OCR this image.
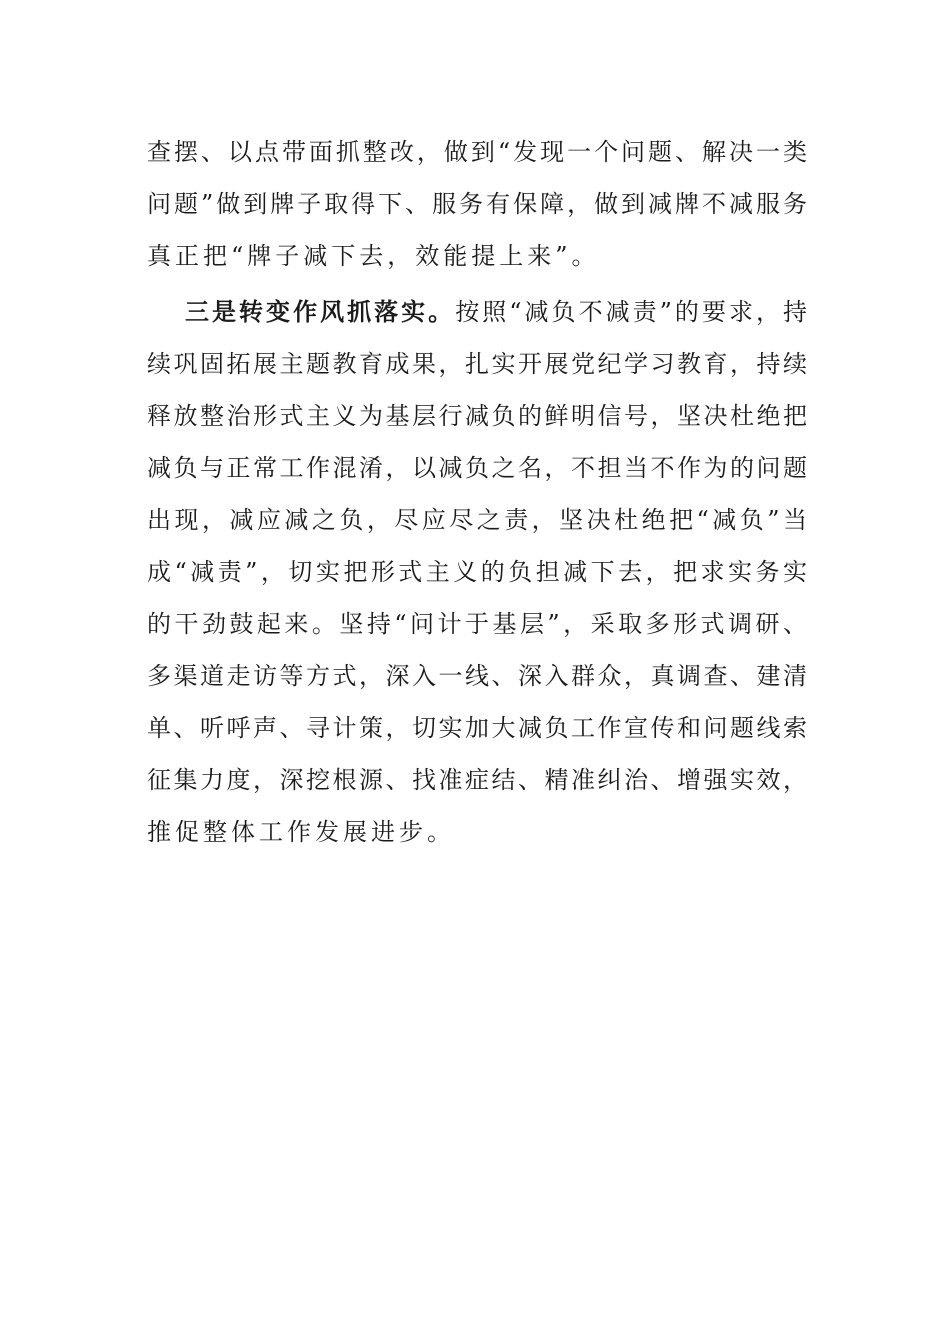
查摆、以点带面抓整改，做到“发现一个问题、解决一类
问题”做到牌子取得下、服务有保障，做到减牌不减服务
真正把“牌子减下去，效能提上来”。
三是转变作风抓落实。按照“减负不减责”的要求，持
续巩固拓展主题教育成果，扎实开展党纪学习教育，持续
释放整治形式主义为基层行减负的鲜明信号，坚决杜绝把
减负与正常工作混淆，以减负之名，不担当不作为的问题
出现，减应减之负，尽应尽之责，坚决杜绝把“减负”当
成“减责”，切实把形式主义的负担减下去，把求实务实
的干劲鼓起来。坚持“问计于基层”，采取多形式调研、
多渠道走访等方式，深入一线、深入群众，真调查、建清
单、听呼声、寻计策，切实加大减负工作宣传和问题线索
征集力度，深挖根源、找准症结、精准纠治、增强实效，
推促整体工作发展进步。
